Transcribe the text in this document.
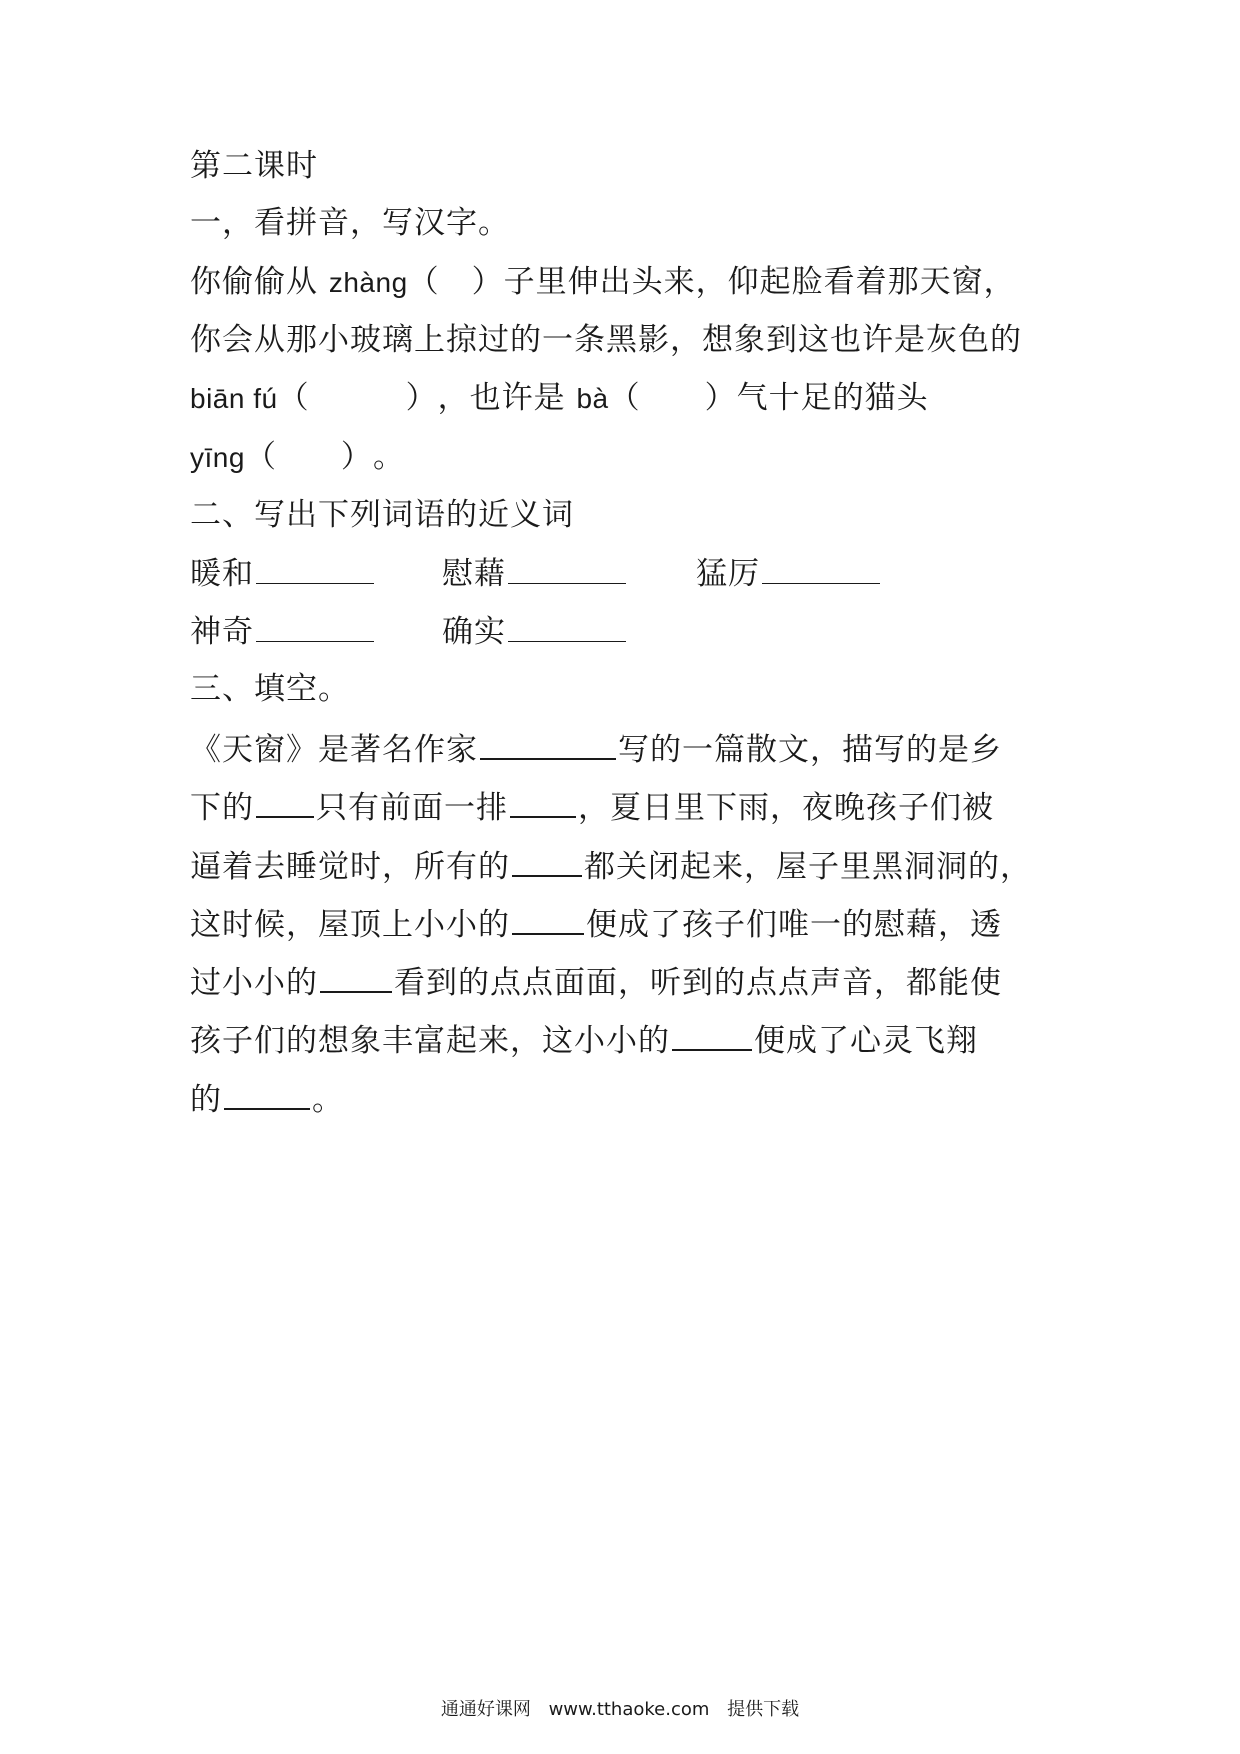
第二课时
一，看拼音，写汉字。
你偷偷从 zhàng（　）子里伸出头来，仰起脸看着那天窗，
你会从那小玻璃上掠过的一条黑影，想象到这也许是灰色的
biān fú（　　　），也许是 bà（　　）气十足的猫头
yīng（　　）。
二、写出下列词语的近义词
暖和	慰藉	猛厉
神奇	确实
三、填空。
《天窗》是著名作家	写的一篇散文，描写的是乡
下的 只有前面一排 ，夏日里下雨，夜晚孩子们被
逼着去睡觉时，所有的 都关闭起来，屋子里黑洞洞的，
这时候，屋顶上小小的 便成了孩子们唯一的慰藉，透
过小小的 看到的点点面面，听到的点点声音，都能使
孩子们的想象丰富起来，这小小的	便成了心灵飞翔
的	。
通通好课网 www.tthaoke.com 提供下载
